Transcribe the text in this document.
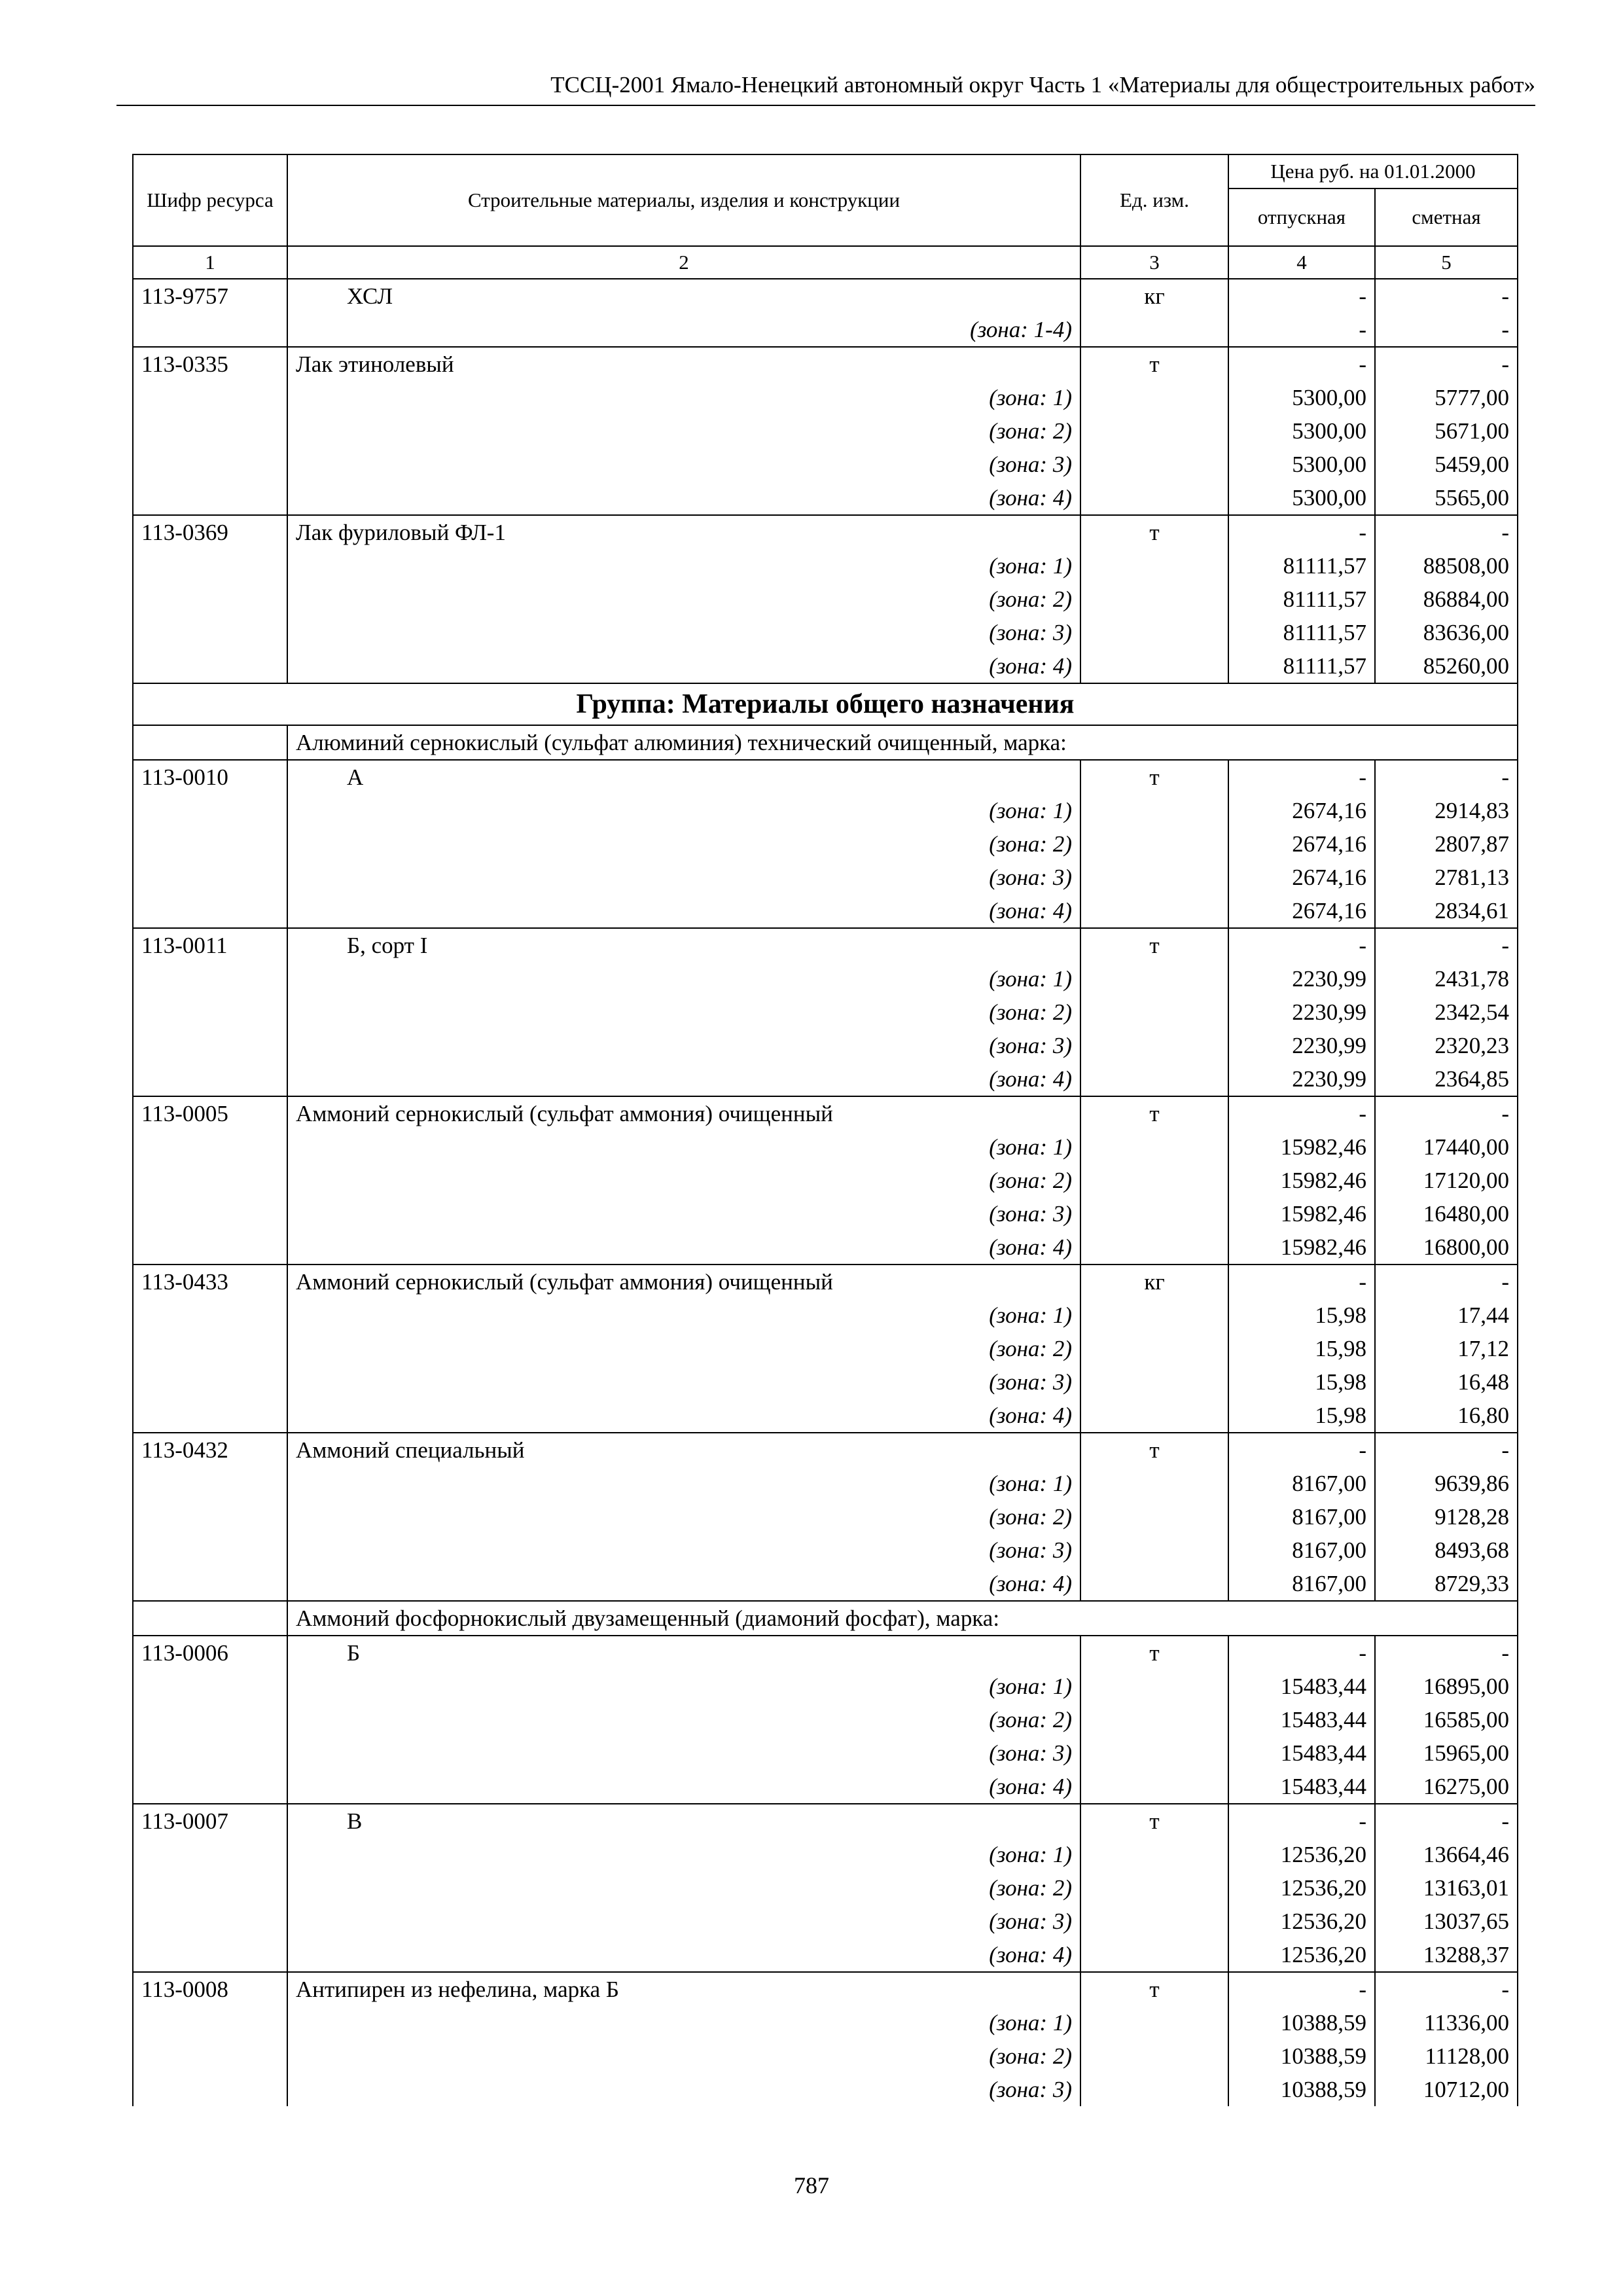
ТССЦ-2001 Ямало-Ненецкий автономный округ Часть 1 «Материалы для общестроительных работ»
Шифр ресурса	Строительные материалы, изделия и конструкции	Ед. изм.	Цена руб. на 01.01.2000	
			отпускная	сметная
1	2	3	4	5
113-9757	ХСЛ	кг	-	-
	(зона: 1-4)		-	-
113-0335	Лак этинолевый	т	-	-
	(зона: 1)		5300,00	5777,00
	(зона: 2)		5300,00	5671,00
	(зона: 3)		5300,00	5459,00
	(зона: 4)		5300,00	5565,00
113-0369	Лак фуриловый ФЛ-1	т	-	-
	(зона: 1)		81111,57	88508,00
	(зона: 2)		81111,57	86884,00
	(зона: 3)		81111,57	83636,00
	(зона: 4)		81111,57	85260,00
Группа: Материалы общего назначения				
	Алюминий сернокислый (сульфат алюминия) технический очищенный, марка:			
113-0010	А	т	-	-
	(зона: 1)		2674,16	2914,83
	(зона: 2)		2674,16	2807,87
	(зона: 3)		2674,16	2781,13
	(зона: 4)		2674,16	2834,61
113-0011	Б, сорт I	т	-	-
	(зона: 1)		2230,99	2431,78
	(зона: 2)		2230,99	2342,54
	(зона: 3)		2230,99	2320,23
	(зона: 4)		2230,99	2364,85
113-0005	Аммоний сернокислый (сульфат аммония) очищенный	т	-	-
	(зона: 1)		15982,46	17440,00
	(зона: 2)		15982,46	17120,00
	(зона: 3)		15982,46	16480,00
	(зона: 4)		15982,46	16800,00
113-0433	Аммоний сернокислый (сульфат аммония) очищенный	кг	-	-
	(зона: 1)		15,98	17,44
	(зона: 2)		15,98	17,12
	(зона: 3)		15,98	16,48
	(зона: 4)		15,98	16,80
113-0432	Аммоний специальный	т	-	-
	(зона: 1)		8167,00	9639,86
	(зона: 2)		8167,00	9128,28
	(зона: 3)		8167,00	8493,68
	(зона: 4)		8167,00	8729,33
	Аммоний фосфорнокислый двузамещенный (диамоний фосфат), марка:			
113-0006	Б	т	-	-
	(зона: 1)		15483,44	16895,00
	(зона: 2)		15483,44	16585,00
	(зона: 3)		15483,44	15965,00
	(зона: 4)		15483,44	16275,00
113-0007	В	т	-	-
	(зона: 1)		12536,20	13664,46
	(зона: 2)		12536,20	13163,01
	(зона: 3)		12536,20	13037,65
	(зона: 4)		12536,20	13288,37
113-0008	Антипирен из нефелина, марка Б	т	-	-
	(зона: 1)		10388,59	11336,00
	(зона: 2)		10388,59	11128,00
	(зона: 3)		10388,59	10712,00
787
